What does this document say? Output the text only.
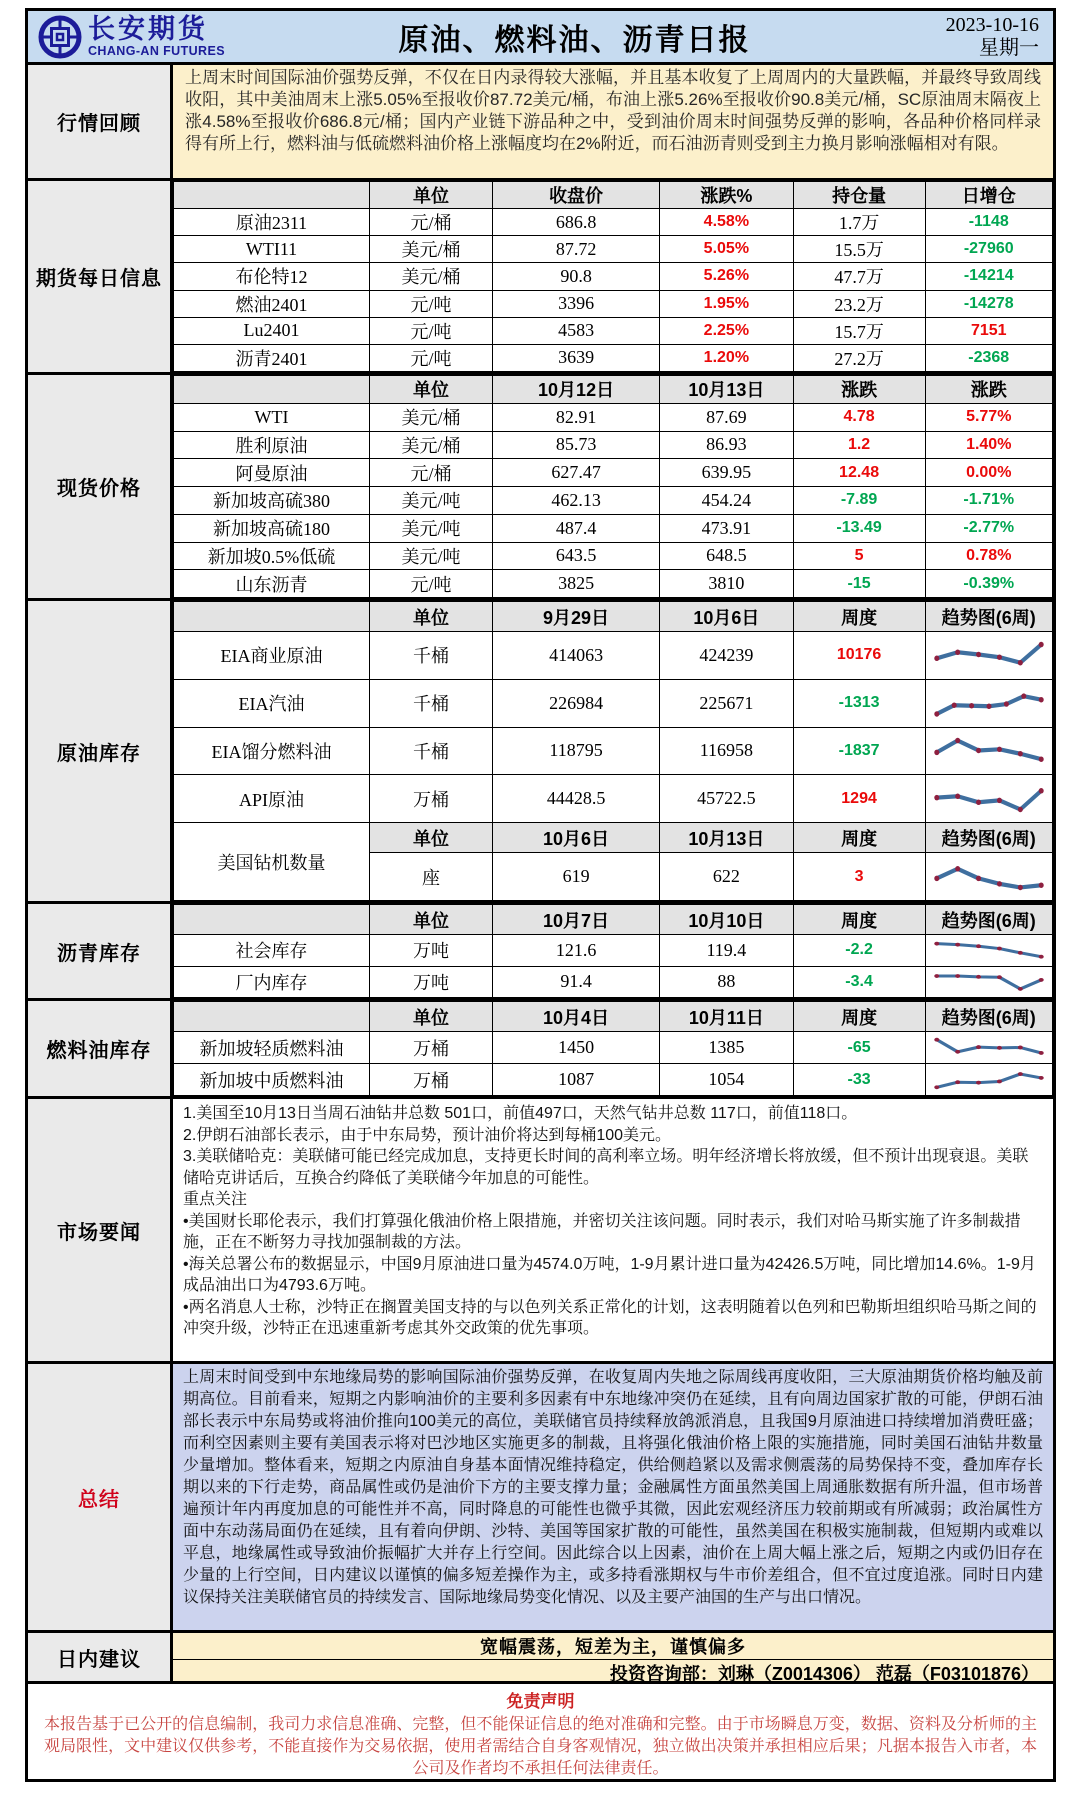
长安期货
CHANG-AN FUTURES	原油、燃料油、沥青日报	2023-10-16
星期一
行情回顾
上周末时间国际油价强势反弹，不仅在日内录得较大涨幅，并且基本收复了上周周内的大量跌幅，并最终导致周线收阳，其中美油周末上涨5.05%至报收价87.72美元/桶，布油上涨5.26%至报收价90.8美元/桶，SC原油周末隔夜上涨4.58%至报收价686.8元/桶；国内产业链下游品种之中，受到油价周末时间强势反弹的影响，各品种价格同样录得有所上行，燃料油与低硫燃料油价格上涨幅度均在2%附近，而石油沥青则受到主力换月影响涨幅相对有限。
期货每日信息
	单位	收盘价	涨跌%	持仓量	日增仓
原油2311	元/桶	686.8	4.58%	1.7万	-1148
WTI11	美元/桶	87.72	5.05%	15.5万	-27960
布伦特12	美元/桶	90.8	5.26%	47.7万	-14214
燃油2401	元/吨	3396	1.95%	23.2万	-14278
Lu2401	元/吨	4583	2.25%	15.7万	7151
沥青2401	元/吨	3639	1.20%	27.2万	-2368
现货价格
	单位	10月12日	10月13日	涨跌	涨跌
WTI	美元/桶	82.91	87.69	4.78	5.77%
胜利原油	美元/桶	85.73	86.93	1.2	1.40%
阿曼原油	元/桶	627.47	639.95	12.48	0.00%
新加坡高硫380	美元/吨	462.13	454.24	-7.89	-1.71%
新加坡高硫180	美元/吨	487.4	473.91	-13.49	-2.77%
新加坡0.5%低硫	美元/吨	643.5	648.5	5	0.78%
山东沥青	元/吨	3825	3810	-15	-0.39%
原油库存
	单位	9月29日	10月6日	周度	趋势图(6周)
EIA商业原油	千桶	414063	424239	10176	

EIA汽油	千桶	226984	225671	-1313	

EIA馏分燃料油	千桶	118795	116958	-1837	

API原油	万桶	44428.5	45722.5	1294	

美国钻机数量	单位	10月6日	10月13日	周度	趋势图(6周)
	座	619	622	3	
沥青库存
	单位	10月7日	10月10日	周度	趋势图(6周)
社会库存	万吨	121.6	119.4	-2.2	

厂内库存	万吨	91.4	88	-3.4	
燃料油库存
	单位	10月4日	10月11日	周度	趋势图(6周)
新加坡轻质燃料油	万桶	1450	1385	-65	

新加坡中质燃料油	万桶	1087	1054	-33	
市场要闻

1.美国至10月13日当周石油钻井总数 501口，前值497口，天然气钻井总数 117口，前值118口。

2.伊朗石油部长表示，由于中东局势，预计油价将达到每桶100美元。

3.美联储哈克：美联储可能已经完成加息，支持更长时间的高利率立场。明年经济增长将放缓，但不预计出现衰退。美联储哈克讲话后，互换合约降低了美联储今年加息的可能性。

重点关注

•美国财长耶伦表示，我们打算强化俄油价格上限措施，并密切关注该问题。同时表示，我们对哈马斯实施了许多制裁措施，正在不断努力寻找加强制裁的方法。

•海关总署公布的数据显示，中国9月原油进口量为4574.0万吨，1-9月累计进口量为42426.5万吨，同比增加14.6%。1-9月成品油出口为4793.6万吨。

•两名消息人士称，沙特正在搁置美国支持的与以色列关系正常化的计划，这表明随着以色列和巴勒斯坦组织哈马斯之间的冲突升级，沙特正在迅速重新考虑其外交政策的优先事项。

总结
上周末时间受到中东地缘局势的影响国际油价强势反弹，在收复周内失地之际周线再度收阳，三大原油期货价格均触及前期高位。目前看来，短期之内影响油价的主要利多因素有中东地缘冲突仍在延续，且有向周边国家扩散的可能，伊朗石油部长表示中东局势或将油价推向100美元的高位，美联储官员持续释放鸽派消息，且我国9月原油进口持续增加消费旺盛；而利空因素则主要有美国表示将对巴沙地区实施更多的制裁，且将强化俄油价格上限的实施措施，同时美国石油钻井数量少量增加。整体看来，短期之内原油自身基本面情况维持稳定，供给侧趋紧以及需求侧震荡的局势保持不变，叠加库存长期以来的下行走势，商品属性或仍是油价下方的主要支撑力量；金融属性方面虽然美国上周通胀数据有所升温，但市场普遍预计年内再度加息的可能性并不高，同时降息的可能性也微乎其微，因此宏观经济压力较前期或有所减弱；政治属性方面中东动荡局面仍在延续，且有着向伊朗、沙特、美国等国家扩散的可能性，虽然美国在积极实施制裁，但短期内或难以平息，地缘属性或导致油价振幅扩大并存上行空间。因此综合以上因素，油价在上周大幅上涨之后，短期之内或仍旧存在少量的上行空间，日内建议以谨慎的偏多短差操作为主，或多持看涨期权与牛市价差组合，但不宜过度追涨。同时日内建议保持关注美联储官员的持续发言、国际地缘局势变化情况、以及主要产油国的生产与出口情况。
日内建议
宽幅震荡，短差为主，谨慎偏多
投资咨询部：刘琳（Z0014306） 范磊（F03101876）
免责声明
本报告基于已公开的信息编制，我司力求信息准确、完整，但不能保证信息的绝对准确和完整。由于市场瞬息万变，数据、资料及分析师的主观局限性，文中建议仅供参考，不能直接作为交易依据，使用者需结合自身客观情况，独立做出决策并承担相应后果；凡据本报告入市者，本公司及作者均不承担任何法律责任。
